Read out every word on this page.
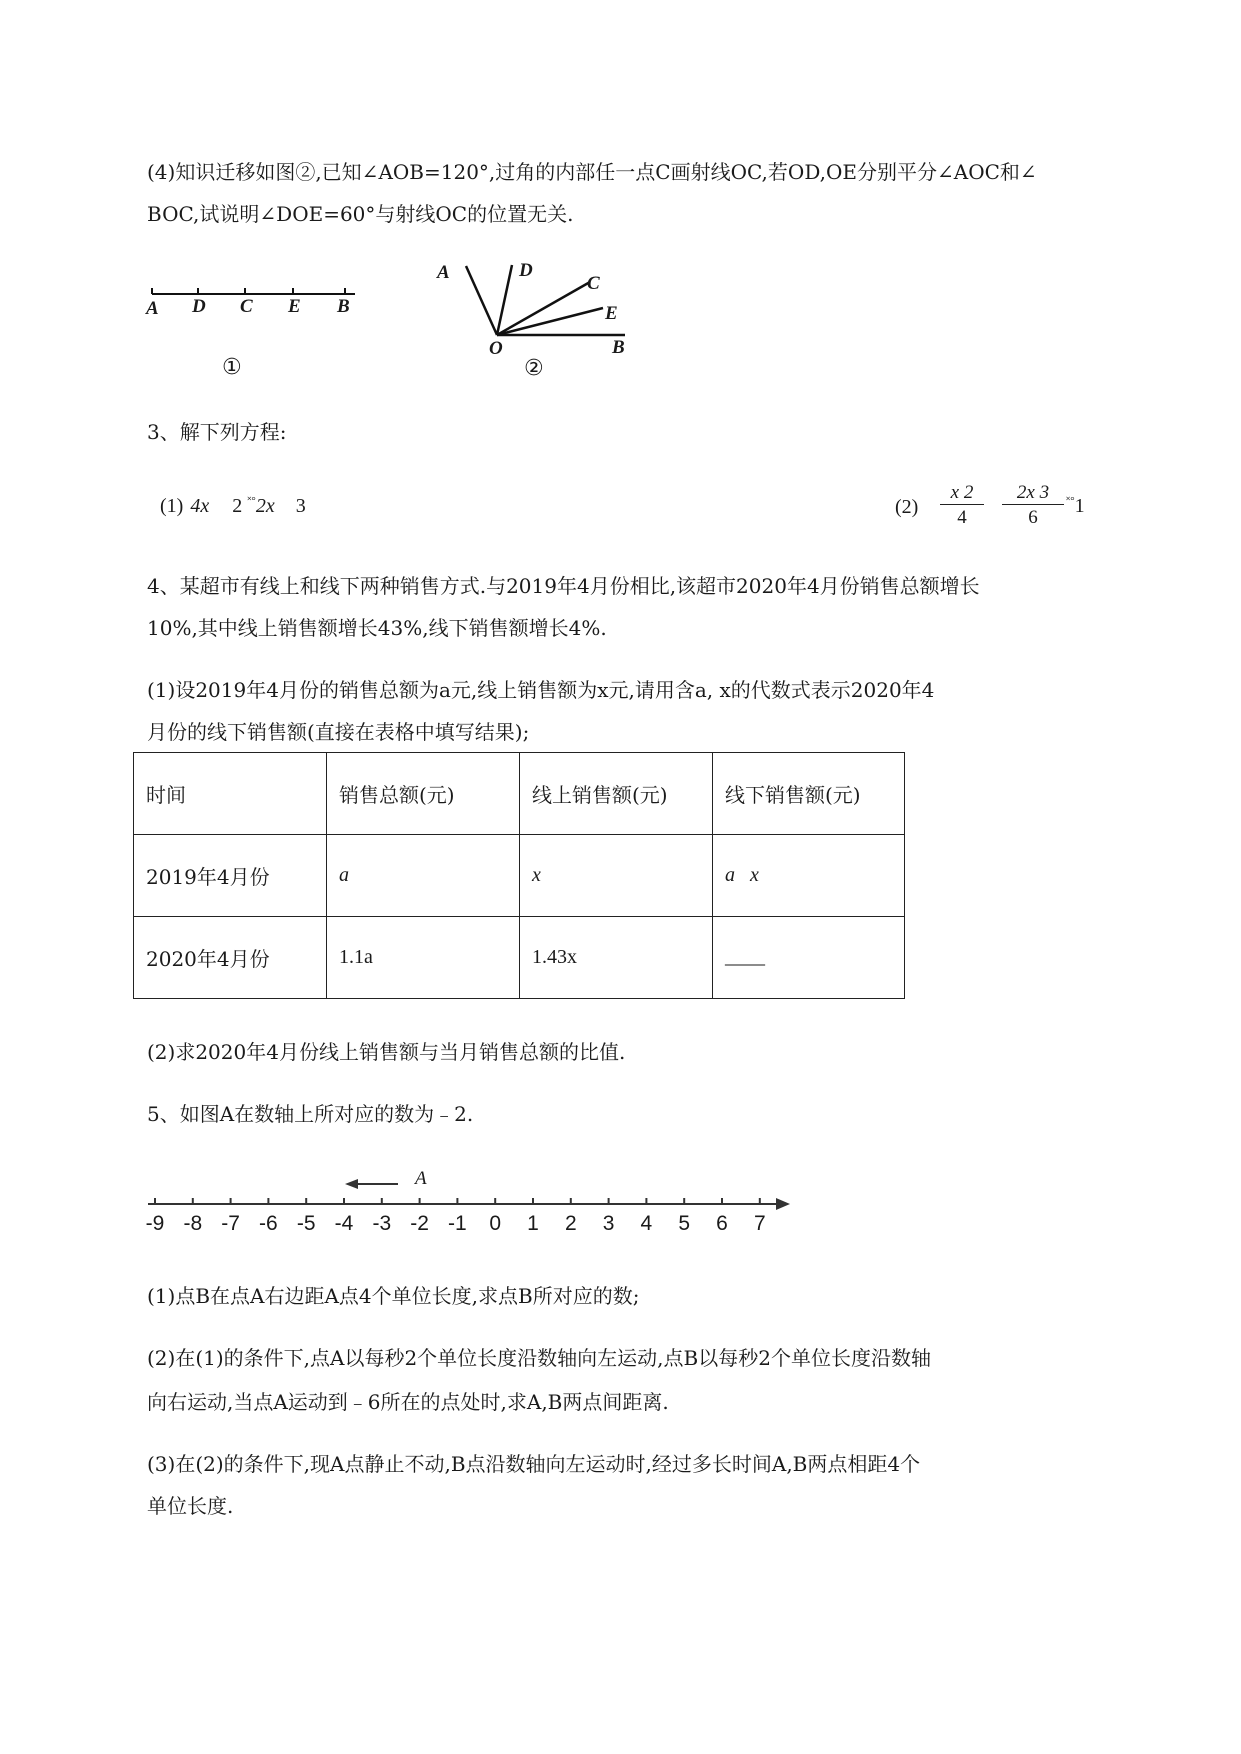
(4)知识迁移如图②,已知∠AOB=120°,过角的内部任一点C画射线OC,若OD,OE分别平分∠AOC和∠
BOC,试说明∠DOE=60°与射线OC的位置无关.
A D C E B
①
A	D
C
E
O	B
②
3、解下列方程:
(1) 4x 2 ˟°2x 3	$(2) \frac{x 2}{4} \frac{2x 3}{6} ^{˟^\circ}1$
4、某超市有线上和线下两种销售方式.与2019年4月份相比,该超市2020年4月份销售总额增长
10%,其中线上销售额增长43%,线下销售额增长4%.
(1)设2019年4月份的销售总额为a元,线上销售额为x元,请用含a, x的代数式表示2020年4
月份的线下销售额(直接在表格中填写结果);
时间	销售总额(元)	线上销售额(元)	线下销售额(元)
2019年4月份	a	x	a   x
2020年4月份	1.1a	1.43x	____
(2)求2020年4月份线上销售额与当月销售总额的比值.
5、如图A在数轴上所对应的数为﹣2.
A
-9 -8 -7 -6 -5 -4 -3 -2 -1	0	1	2	3	4	5	6	7
(1)点B在点A右边距A点4个单位长度,求点B所对应的数;
(2)在(1)的条件下,点A以每秒2个单位长度沿数轴向左运动,点B以每秒2个单位长度沿数轴
向右运动,当点A运动到﹣6所在的点处时,求A,B两点间距离.
(3)在(2)的条件下,现A点静止不动,B点沿数轴向左运动时,经过多长时间A,B两点相距4个
单位长度.
